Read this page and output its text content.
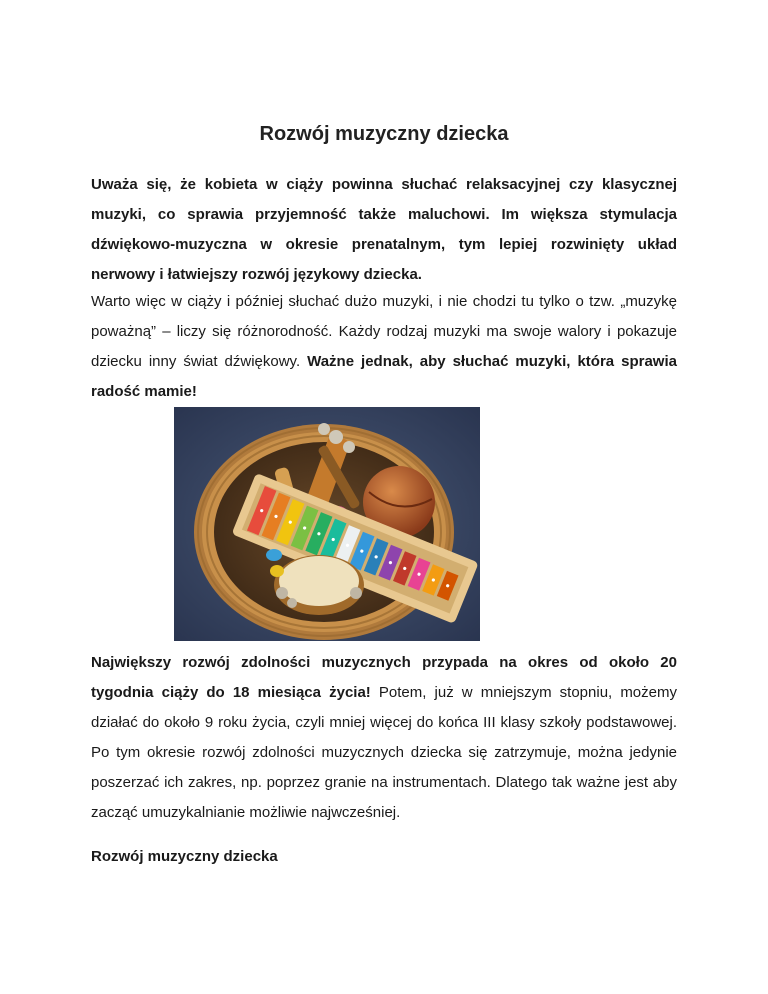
Rozwój muzyczny dziecka

Uważa się, że kobieta w ciąży powinna słuchać relaksacyjnej czy klasycznej muzyki, co sprawia przyjemność także maluchowi. Im większa stymulacja dźwiękowo-muzyczna w okresie prenatalnym, tym lepiej rozwinięty układ nerwowy i łatwiejszy rozwój językowy dziecka.

Warto więc w ciąży i później słuchać dużo muzyki, i nie chodzi tu tylko o tzw. „muzykę poważną” – liczy się różnorodność. Każdy rodzaj muzyki ma swoje walory i pokazuje dziecku inny świat dźwiękowy. Ważne jednak, aby słuchać muzyki, która sprawia radość mamie!

Największy rozwój zdolności muzycznych przypada na okres od około 20 tygodnia ciąży do 18 miesiąca życia! Potem, już w mniejszym stopniu, możemy działać do około 9 roku życia, czyli mniej więcej do końca III klasy szkoły podstawowej. Po tym okresie rozwój zdolności muzycznych dziecka się zatrzymuje, można jedynie poszerzać ich zakres, np. poprzez granie na instrumentach. Dlatego tak ważne jest aby zacząć umuzykalnianie możliwie najwcześniej.

Rozwój muzyczny dziecka
